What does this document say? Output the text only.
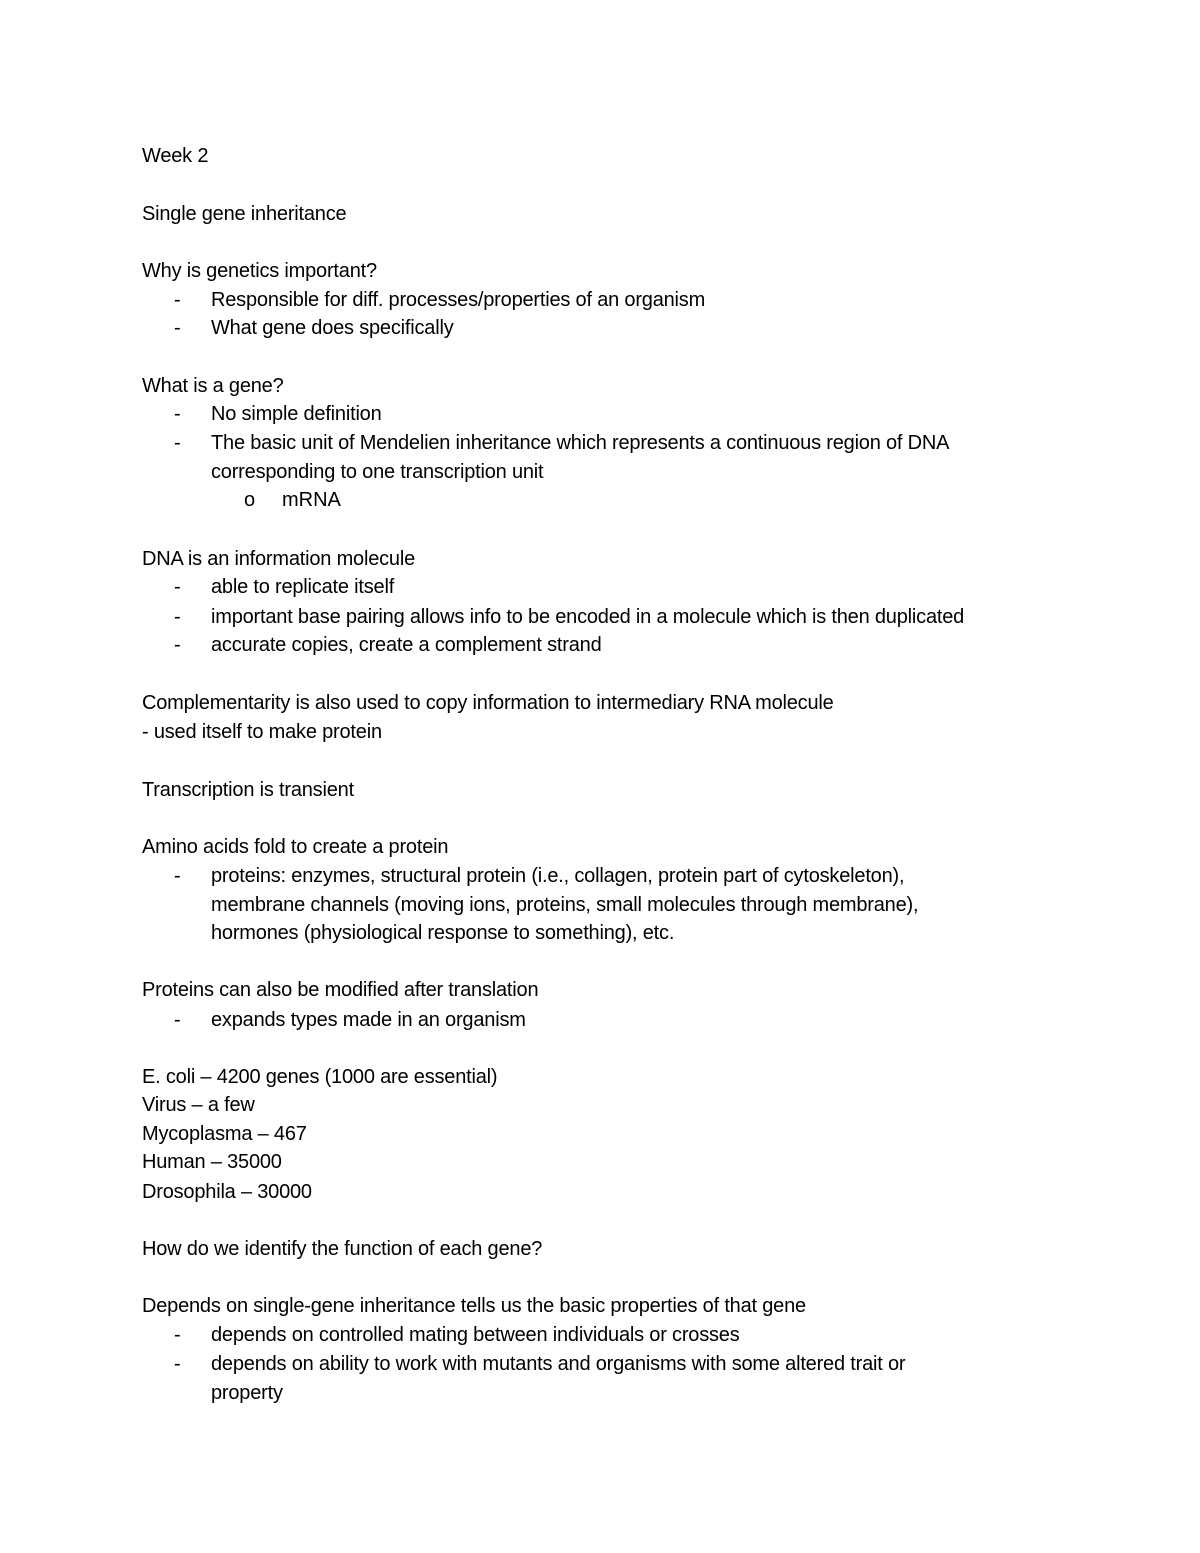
Week 2
Single gene inheritance
Why is genetics important?
- Responsible for diff. processes/properties of an organism
- What gene does specifically
What is a gene?
- No simple definition
- The basic unit of Mendelien inheritance which represents a continuous region of DNA
corresponding to one transcription unit
o mRNA
DNA is an information molecule
- able to replicate itself
- important base pairing allows info to be encoded in a molecule which is then duplicated
- accurate copies, create a complement strand
Complementarity is also used to copy information to intermediary RNA molecule
- used itself to make protein
Transcription is transient
Amino acids fold to create a protein
- proteins: enzymes, structural protein (i.e., collagen, protein part of cytoskeleton),
membrane channels (moving ions, proteins, small molecules through membrane),
hormones (physiological response to something), etc.
Proteins can also be modified after translation
- expands types made in an organism
E. coli – 4200 genes (1000 are essential)
Virus – a few
Mycoplasma – 467
Human – 35000
Drosophila – 30000
How do we identify the function of each gene?
Depends on single-gene inheritance tells us the basic properties of that gene
- depends on controlled mating between individuals or crosses
- depends on ability to work with mutants and organisms with some altered trait or
property
